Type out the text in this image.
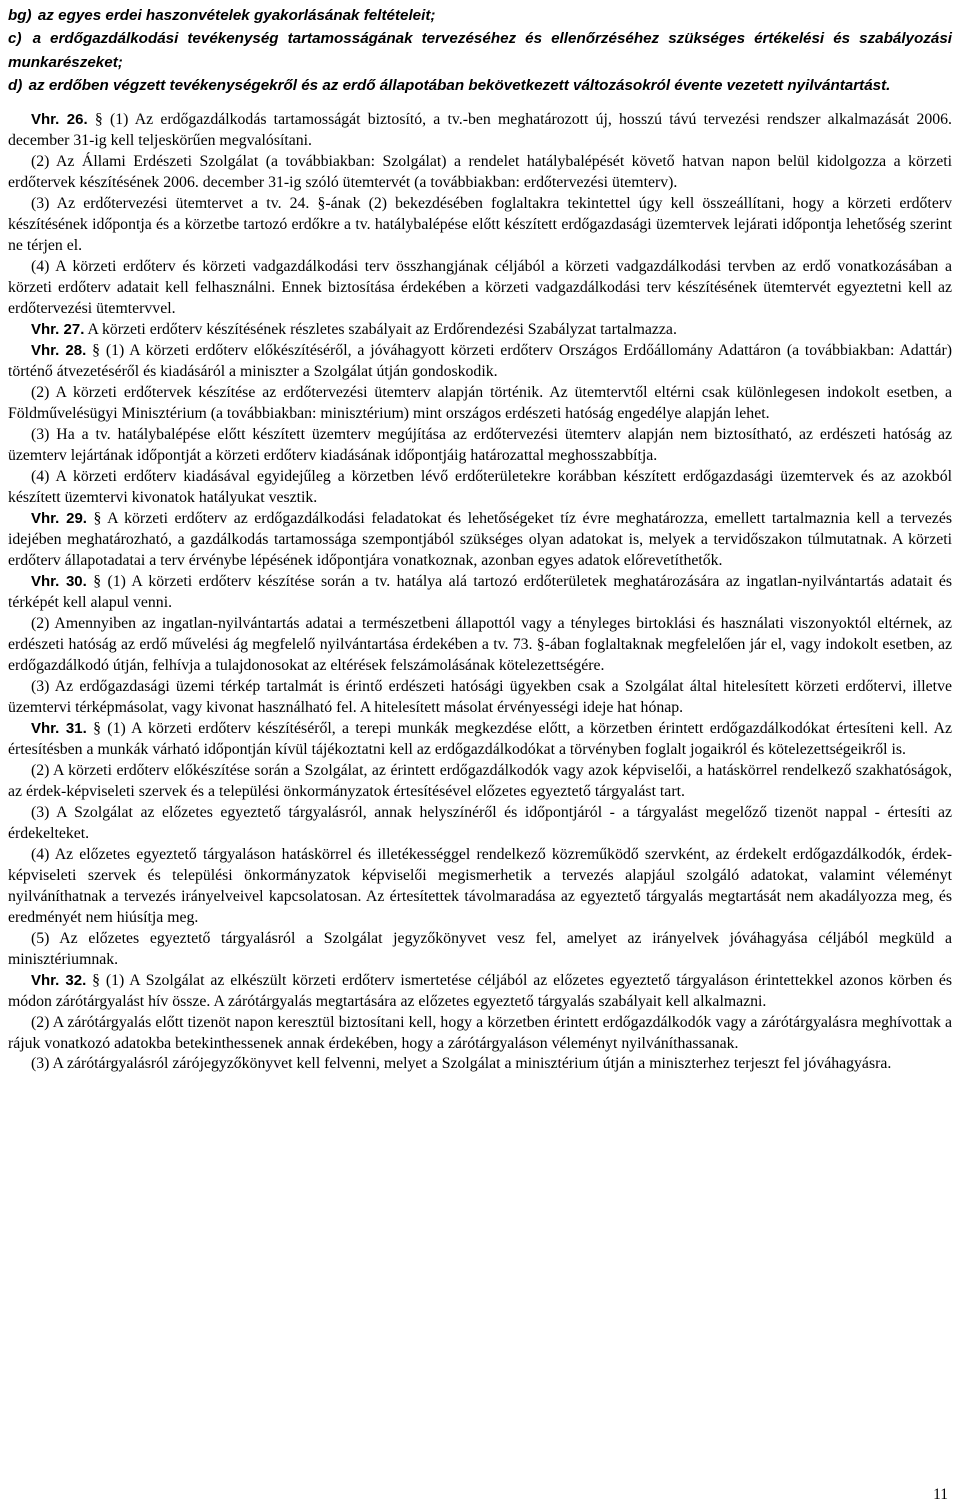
bg) az egyes erdei haszonvételek gyakorlásának feltételeit;

c) a erdőgazdálkodási tevékenység tartamosságának tervezéséhez és ellenőrzéséhez szükséges értékelési és szabályozási munkarészeket;

d) az erdőben végzett tevékenységekről és az erdő állapotában bekövetkezett változásokról évente vezetett nyilvántartást.

Vhr. 26. § (1) Az erdőgazdálkodás tartamosságát biztosító, a tv.-ben meghatározott új, hosszú távú tervezési rendszer alkalmazását 2006. december 31-ig kell teljeskörűen megvalósítani.

(2) Az Állami Erdészeti Szolgálat (a továbbiakban: Szolgálat) a rendelet hatálybalépését követő hatvan napon belül kidolgozza a körzeti erdőtervek készítésének 2006. december 31-ig szóló ütemtervét (a továbbiakban: erdőtervezési ütemterv).

(3) Az erdőtervezési ütemtervet a tv. 24. §-ának (2) bekezdésében foglaltakra tekintettel úgy kell összeállítani, hogy a körzeti erdőterv készítésének időpontja és a körzetbe tartozó erdőkre a tv. hatálybalépése előtt készített erdőgazdasági üzemtervek lejárati időpontja lehetőség szerint ne térjen el.

(4) A körzeti erdőterv és körzeti vadgazdálkodási terv összhangjának céljából a körzeti vadgazdálkodási tervben az erdő vonatkozásában a körzeti erdőterv adatait kell felhasználni. Ennek biztosítása érdekében a körzeti vadgazdálkodási terv készítésének ütemtervét egyeztetni kell az erdőtervezési ütemtervvel.

Vhr. 27. A körzeti erdőterv készítésének részletes szabályait az Erdőrendezési Szabályzat tartalmazza.

Vhr. 28. § (1) A körzeti erdőterv előkészítéséről, a jóváhagyott körzeti erdőterv Országos Erdőállomány Adattáron (a továbbiakban: Adattár) történő átvezetéséről és kiadásáról a miniszter a Szolgálat útján gondoskodik.

(2) A körzeti erdőtervek készítése az erdőtervezési ütemterv alapján történik. Az ütemtervtől eltérni csak különlegesen indokolt esetben, a Földművelésügyi Minisztérium (a továbbiakban: minisztérium) mint országos erdészeti hatóság engedélye alapján lehet.

(3) Ha a tv. hatálybalépése előtt készített üzemterv megújítása az erdőtervezési ütemterv alapján nem biztosítható, az erdészeti hatóság az üzemterv lejártának időpontját a körzeti erdőterv kiadásának időpontjáig határozattal meghosszabbítja.

(4) A körzeti erdőterv kiadásával egyidejűleg a körzetben lévő erdőterületekre korábban készített erdőgazdasági üzemtervek és az azokból készített üzemtervi kivonatok hatályukat vesztik.

Vhr. 29. § A körzeti erdőterv az erdőgazdálkodási feladatokat és lehetőségeket tíz évre meghatározza, emellett tartalmaznia kell a tervezés idejében meghatározható, a gazdálkodás tartamossága szempontjából szükséges olyan adatokat is, melyek a tervidőszakon túlmutatnak. A körzeti erdőterv állapotadatai a terv érvénybe lépésének időpontjára vonatkoznak, azonban egyes adatok előrevetíthetők.

Vhr. 30. § (1) A körzeti erdőterv készítése során a tv. hatálya alá tartozó erdőterületek meghatározására az ingatlan-nyilvántartás adatait és térképét kell alapul venni.

(2) Amennyiben az ingatlan-nyilvántartás adatai a természetbeni állapottól vagy a tényleges birtoklási és használati viszonyoktól eltérnek, az erdészeti hatóság az erdő művelési ág megfelelő nyilvántartása érdekében a tv. 73. §-ában foglaltaknak megfelelően jár el, vagy indokolt esetben, az erdőgazdálkodó útján, felhívja a tulajdonosokat az eltérések felszámolásának kötelezettségére.

(3) Az erdőgazdasági üzemi térkép tartalmát is érintő erdészeti hatósági ügyekben csak a Szolgálat által hitelesített körzeti erdőtervi, illetve üzemtervi térképmásolat, vagy kivonat használható fel. A hitelesített másolat érvényességi ideje hat hónap.

Vhr. 31. § (1) A körzeti erdőterv készítéséről, a terepi munkák megkezdése előtt, a körzetben érintett erdőgazdálkodókat értesíteni kell. Az értesítésben a munkák várható időpontján kívül tájékoztatni kell az erdőgazdálkodókat a törvényben foglalt jogaikról és kötelezettségeikről is.

(2) A körzeti erdőterv előkészítése során a Szolgálat, az érintett erdőgazdálkodók vagy azok képviselői, a hatáskörrel rendelkező szakhatóságok, az érdek-képviseleti szervek és a települési önkormányzatok értesítésével előzetes egyeztető tárgyalást tart.

(3) A Szolgálat az előzetes egyeztető tárgyalásról, annak helyszínéről és időpontjáról - a tárgyalást megelőző tizenöt nappal - értesíti az érdekelteket.

(4) Az előzetes egyeztető tárgyaláson hatáskörrel és illetékességgel rendelkező közreműködő szervként, az érdekelt erdőgazdálkodók, érdek-képviseleti szervek és települési önkormányzatok képviselői megismerhetik a tervezés alapjául szolgáló adatokat, valamint véleményt nyilváníthatnak a tervezés irányelveivel kapcsolatosan. Az értesítettek távolmaradása az egyeztető tárgyalás megtartását nem akadályozza meg, és eredményét nem hiúsítja meg.

(5) Az előzetes egyeztető tárgyalásról a Szolgálat jegyzőkönyvet vesz fel, amelyet az irányelvek jóváhagyása céljából megküld a minisztériumnak.

Vhr. 32. § (1) A Szolgálat az elkészült körzeti erdőterv ismertetése céljából az előzetes egyeztető tárgyaláson érintettekkel azonos körben és módon zárótárgyalást hív össze. A zárótárgyalás megtartására az előzetes egyeztető tárgyalás szabályait kell alkalmazni.

(2) A zárótárgyalás előtt tizenöt napon keresztül biztosítani kell, hogy a körzetben érintett erdőgazdálkodók vagy a zárótárgyalásra meghívottak a rájuk vonatkozó adatokba betekinthessenek annak érdekében, hogy a zárótárgyaláson véleményt nyilváníthassanak.

(3) A zárótárgyalásról zárójegyzőkönyvet kell felvenni, melyet a Szolgálat a minisztérium útján a miniszterhez terjeszt fel jóváhagyásra.

11
